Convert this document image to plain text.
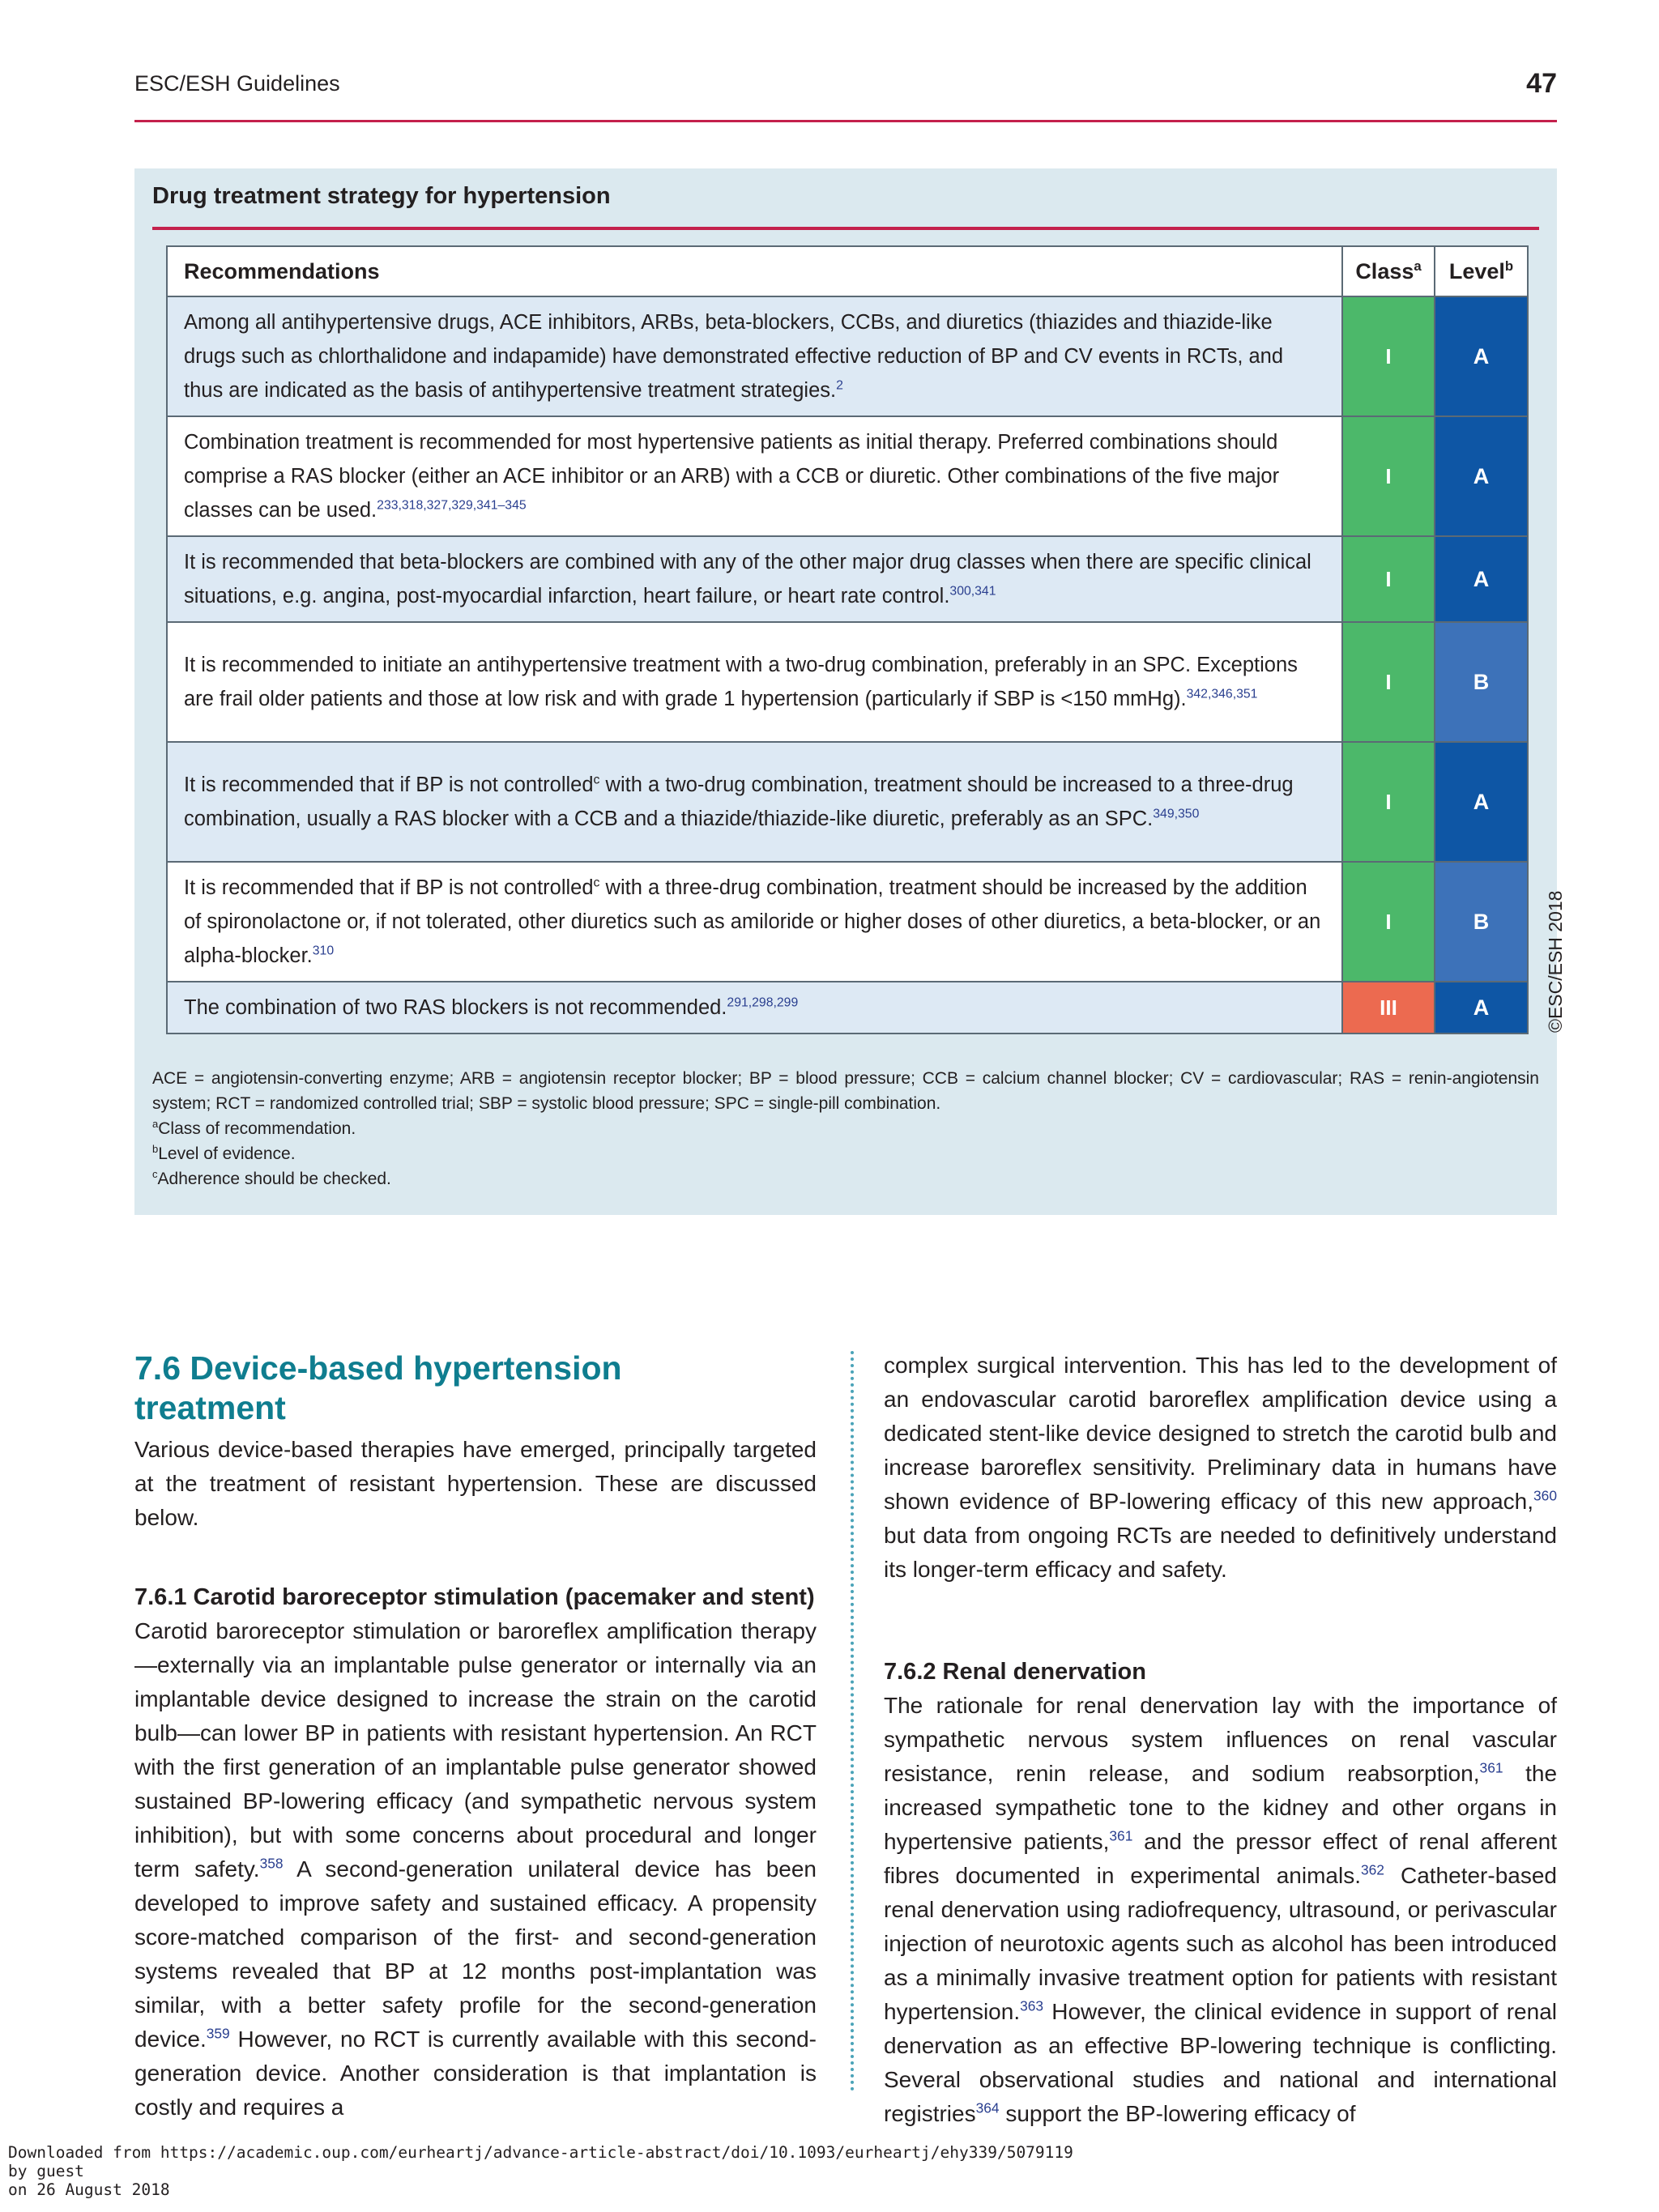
ESC/ESH Guidelines	47
Drug treatment strategy for hypertension
Recommendations	Class$^a$	Level$^b$
Among all antihypertensive drugs, ACE inhibitors, ARBs, beta-blockers, CCBs, and diuretics (thiazides and thiazide-like drugs such as chlorthalidone and indapamide) have demonstrated effective reduction of BP and CV events in RCTs, and thus are indicated as the basis of antihypertensive treatment strategies.$^2$	I	A
Combination treatment is recommended for most hypertensive patients as initial therapy. Preferred combinations should comprise a RAS blocker (either an ACE inhibitor or an ARB) with a CCB or diuretic. Other combinations of the five major classes can be used.$^{233,318,327,329,341-345}$	I	A
It is recommended that beta-blockers are combined with any of the other major drug classes when there are specific clinical situations, e.g. angina, post-myocardial infarction, heart failure, or heart rate control.$^{300,341}$	I	A
It is recommended to initiate an antihypertensive treatment with a two-drug combination, preferably in an SPC. Exceptions are frail older patients and those at low risk and with grade 1 hypertension (particularly if SBP is <150 mmHg).$^{342,346,351}$	I	B
It is recommended that if BP is not controlled$^c$ with a two-drug combination, treatment should be increased to a three-drug combination, usually a RAS blocker with a CCB and a thiazide/thiazide-like diuretic, preferably as an SPC.$^{349,350}$	I	A
It is recommended that if BP is not controlled$^c$ with a three-drug combination, treatment should be increased by the addition of spironolactone or, if not tolerated, other diuretics such as amiloride or higher doses of other diuretics, a beta-blocker, or an alpha-blocker.$^{310}$	I	B
The combination of two RAS blockers is not recommended.$^{291,298,299}$	III	A	©ESC/ESH 2018

ACE = angiotensin-converting enzyme; ARB = angiotensin receptor blocker; BP = blood pressure; CCB = calcium channel blocker; CV = cardiovascular; RAS = renin-angiotensin system; RCT = randomized controlled trial; SBP = systolic blood pressure; SPC = single-pill combination.

$^a$Class of recommendation.

$^b$Level of evidence.

$^c$Adherence should be checked.

7.6 Device-based hypertension
treatment

Various device-based therapies have emerged, principally targeted at the treatment of resistant hypertension. These are discussed below.

7.6.1 Carotid baroreceptor stimulation (pacemaker and stent)

Carotid baroreceptor stimulation or baroreflex amplification therapy—externally via an implantable pulse generator or internally via an implantable device designed to increase the strain on the carotid bulb—can lower BP in patients with resistant hypertension. An RCT with the first generation of an implantable pulse generator showed sustained BP-lowering efficacy (and sympathetic nervous system inhibition), but with some concerns about procedural and longer term safety.$^{358}$ A second-generation unilateral device has been developed to improve safety and sustained efficacy. A propensity score-matched comparison of the first- and second-generation systems revealed that BP at 12 months post-implantation was similar, with a better safety profile for the second-generation device.$^{359}$ However, no RCT is currently available with this second-generation device. Another consideration is that implantation is costly and requires a

complex surgical intervention. This has led to the development of an endovascular carotid baroreflex amplification device using a dedicated stent-like device designed to stretch the carotid bulb and increase baroreflex sensitivity. Preliminary data in humans have shown evidence of BP-lowering efficacy of this new approach,$^{360}$ but data from ongoing RCTs are needed to definitively understand its longer-term efficacy and safety.

7.6.2 Renal denervation

The rationale for renal denervation lay with the importance of sympathetic nervous system influences on renal vascular resistance, renin release, and sodium reabsorption,$^{361}$ the increased sympathetic tone to the kidney and other organs in hypertensive patients,$^{361}$ and the pressor effect of renal afferent fibres documented in experimental animals.$^{362}$ Catheter-based renal denervation using radiofrequency, ultrasound, or perivascular injection of neurotoxic agents such as alcohol has been introduced as a minimally invasive treatment option for patients with resistant hypertension.$^{363}$ However, the clinical evidence in support of renal denervation as an effective BP-lowering technique is conflicting. Several observational studies and national and international registries$^{364}$ support the BP-lowering efficacy of

Downloaded from https://academic.oup.com/eurheartj/advance-article-abstract/doi/10.1093/eurheartj/ehy339/5079119
by guest
on 26 August 2018
